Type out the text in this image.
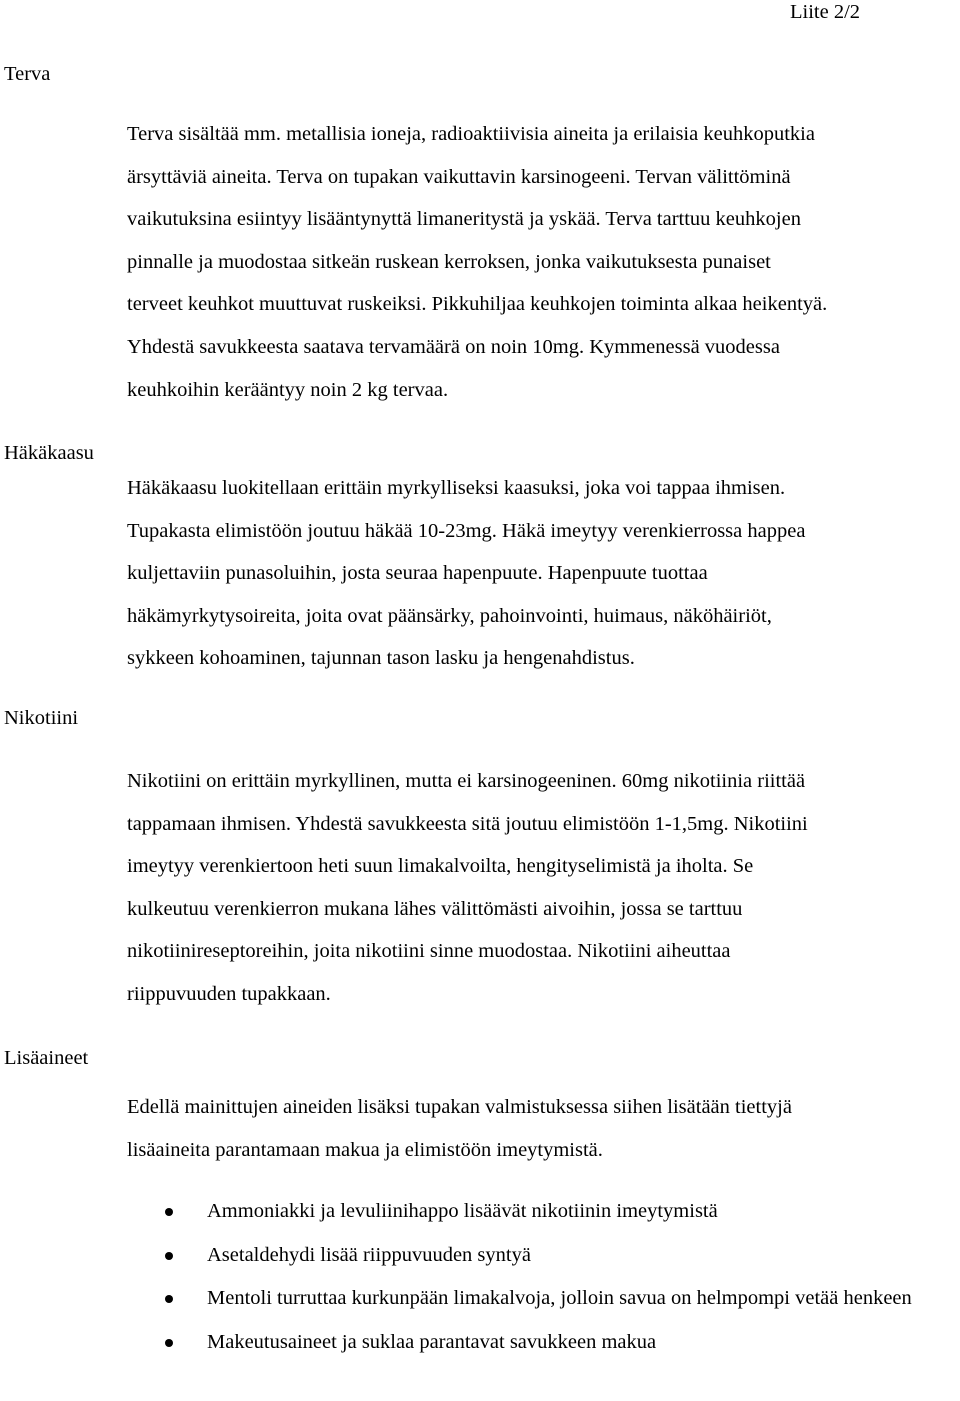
Liite 2/2
Terva

Terva sisältää mm. metallisia ioneja, radioaktiivisia aineita ja erilaisia keuhkoputkia
ärsyttäviä aineita. Terva on tupakan vaikuttavin karsinogeeni. Tervan välittöminä
vaikutuksina esiintyy lisääntynyttä limaneritystä ja yskää. Terva tarttuu keuhkojen
pinnalle ja muodostaa sitkeän ruskean kerroksen, jonka vaikutuksesta punaiset
terveet keuhkot muuttuvat ruskeiksi. Pikkuhiljaa keuhkojen toiminta alkaa heikentyä.
Yhdestä savukkeesta saatava tervamäärä on noin 10mg. Kymmenessä vuodessa
keuhkoihin kerääntyy noin 2 kg tervaa.

Häkäkaasu

Häkäkaasu luokitellaan erittäin myrkylliseksi kaasuksi, joka voi tappaa ihmisen.
Tupakasta elimistöön joutuu häkää 10-23mg. Häkä imeytyy verenkierrossa happea
kuljettaviin punasoluihin, josta seuraa hapenpuute. Hapenpuute tuottaa
häkämyrkytysoireita, joita ovat päänsärky, pahoinvointi, huimaus, näköhäiriöt,
sykkeen kohoaminen, tajunnan tason lasku ja hengenahdistus.

Nikotiini

Nikotiini on erittäin myrkyllinen, mutta ei karsinogeeninen. 60mg nikotiinia riittää
tappamaan ihmisen. Yhdestä savukkeesta sitä joutuu elimistöön 1-1,5mg. Nikotiini
imeytyy verenkiertoon heti suun limakalvoilta, hengityselimistä ja iholta. Se
kulkeutuu verenkierron mukana lähes välittömästi aivoihin, jossa se tarttuu
nikotiinireseptoreihin, joita nikotiini sinne muodostaa. Nikotiini aiheuttaa
riippuvuuden tupakkaan.

Lisäaineet

Edellä mainittujen aineiden lisäksi tupakan valmistuksessa siihen lisätään tiettyjä
lisäaineita parantamaan makua ja elimistöön imeytymistä.

Ammoniakki ja levuliinihappo lisäävät nikotiinin imeytymistä
Asetaldehydi lisää riippuvuuden syntyä
Mentoli turruttaa kurkunpään limakalvoja, jolloin savua on helmpompi vetää henkeen
Makeutusaineet ja suklaa parantavat savukkeen makua
